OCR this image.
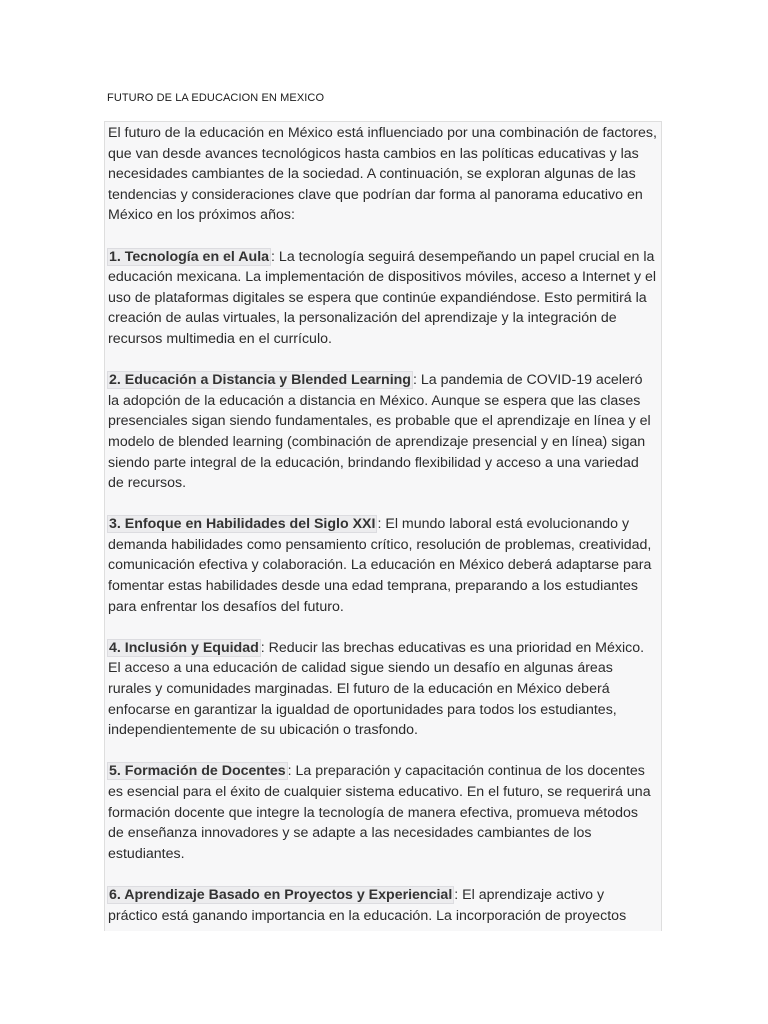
FUTURO DE LA EDUCACION EN MEXICO

El futuro de la educación en México está influenciado por una combinación de factores, que van desde avances tecnológicos hasta cambios en las políticas educativas y las necesidades cambiantes de la sociedad. A continuación, se exploran algunas de las tendencias y consideraciones clave que podrían dar forma al panorama educativo en México en los próximos años:

1. Tecnología en el Aula : La tecnología seguirá desempeñando un papel crucial en la educación mexicana. La implementación de dispositivos móviles, acceso a Internet y el uso de plataformas digitales se espera que continúe expandiéndose. Esto permitirá la creación de aulas virtuales, la personalización del aprendizaje y la integración de recursos multimedia en el currículo.

2. Educación a Distancia y Blended Learning : La pandemia de COVID-19 aceleró la adopción de la educación a distancia en México. Aunque se espera que las clases presenciales sigan siendo fundamentales, es probable que el aprendizaje en línea y el modelo de blended learning (combinación de aprendizaje presencial y en línea) sigan siendo parte integral de la educación, brindando flexibilidad y acceso a una variedad de recursos.

3. Enfoque en Habilidades del Siglo XXI : El mundo laboral está evolucionando y demanda habilidades como pensamiento crítico, resolución de problemas, creatividad, comunicación efectiva y colaboración. La educación en México deberá adaptarse para fomentar estas habilidades desde una edad temprana, preparando a los estudiantes para enfrentar los desafíos del futuro.

4. Inclusión y Equidad : Reducir las brechas educativas es una prioridad en México. El acceso a una educación de calidad sigue siendo un desafío en algunas áreas rurales y comunidades marginadas. El futuro de la educación en México deberá enfocarse en garantizar la igualdad de oportunidades para todos los estudiantes, independientemente de su ubicación o trasfondo.

5. Formación de Docentes : La preparación y capacitación continua de los docentes es esencial para el éxito de cualquier sistema educativo. En el futuro, se requerirá una formación docente que integre la tecnología de manera efectiva, promueva métodos de enseñanza innovadores y se adapte a las necesidades cambiantes de los estudiantes.

6. Aprendizaje Basado en Proyectos y Experiencial : El aprendizaje activo y práctico está ganando importancia en la educación. La incorporación de proyectos
